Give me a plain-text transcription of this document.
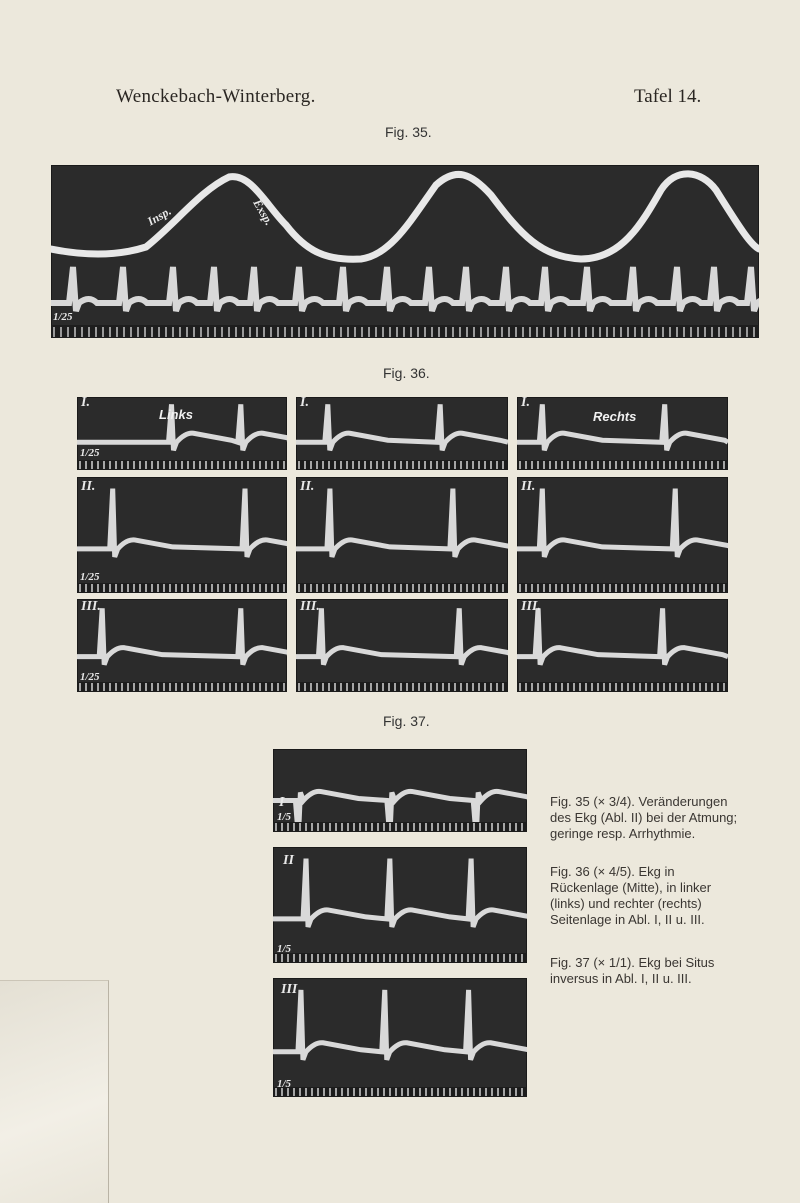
Wenckebach-Winterberg.	Tafel 14.
Fig. 35.
Insp.	Exsp.
1/25
Fig. 36.
I.
Links
1/25
I.	I.
Rechts
II.
1/25
II.	II.
III.
1/25
III.	III.
Fig. 37.
I
1/5
II
1/5
III
1/5

Fig. 35 (× 3/4). Veränderungen des Ekg (Abl. II) bei der Atmung; geringe resp. Arrhythmie.

Fig. 36 (× 4/5). Ekg in Rückenlage (Mitte), in linker (links) und rechter (rechts) Seitenlage in Abl. I, II u. III.

Fig. 37 (× 1/1). Ekg bei Situs inversus in Abl. I, II u. III.
